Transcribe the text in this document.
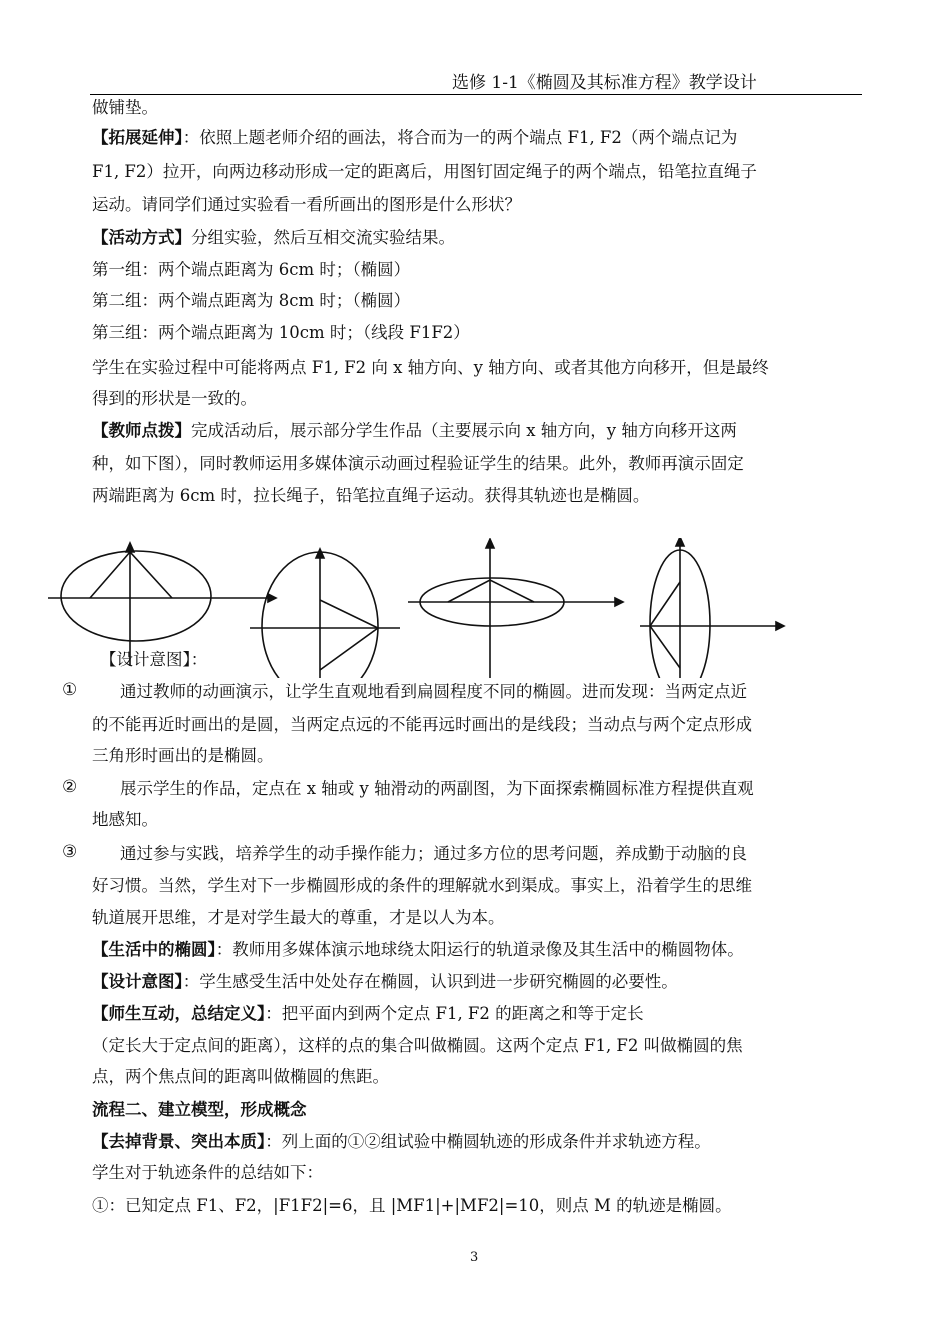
选修 1-1《椭圆及其标准方程》教学设计
做铺垫。
【拓展延伸】：依照上题老师介绍的画法，将合而为一的两个端点 F1, F2（两个端点记为
F1, F2）拉开，向两边移动形成一定的距离后，用图钉固定绳子的两个端点，铅笔拉直绳子
运动。请同学们通过实验看一看所画出的图形是什么形状？
【活动方式】分组实验，然后互相交流实验结果。
第一组：两个端点距离为 6cm 时；（椭圆）
第二组：两个端点距离为 8cm 时；（椭圆）
第三组：两个端点距离为 10cm 时；（线段 F1F2）
学生在实验过程中可能将两点 F1, F2 向 x 轴方向、y 轴方向、或者其他方向移开，但是最终
得到的形状是一致的。
【教师点拨】完成活动后，展示部分学生作品（主要展示向 x 轴方向，y 轴方向移开这两
种，如下图），同时教师运用多媒体演示动画过程验证学生的结果。此外，教师再演示固定
两端距离为 6cm 时，拉长绳子，铅笔拉直绳子运动。获得其轨迹也是椭圆。
【设计意图】：
①	通过教师的动画演示，让学生直观地看到扁圆程度不同的椭圆。进而发现：当两定点近
的不能再近时画出的是圆，当两定点远的不能再远时画出的是线段；当动点与两个定点形成
三角形时画出的是椭圆。
②	展示学生的作品，定点在 x 轴或 y 轴滑动的两副图，为下面探索椭圆标准方程提供直观
地感知。
③	通过参与实践，培养学生的动手操作能力；通过多方位的思考问题，养成勤于动脑的良
好习惯。当然，学生对下一步椭圆形成的条件的理解就水到渠成。事实上，沿着学生的思维
轨道展开思维，才是对学生最大的尊重，才是以人为本。
【生活中的椭圆】：教师用多媒体演示地球绕太阳运行的轨道录像及其生活中的椭圆物体。
【设计意图】：学生感受生活中处处存在椭圆，认识到进一步研究椭圆的必要性。
【师生互动，总结定义】：把平面内到两个定点 F1, F2 的距离之和等于定长
（定长大于定点间的距离），这样的点的集合叫做椭圆。这两个定点 F1, F2 叫做椭圆的焦
点，两个焦点间的距离叫做椭圆的焦距。
流程二、建立模型，形成概念
【去掉背景、突出本质】：列上面的①②组试验中椭圆轨迹的形成条件并求轨迹方程。
学生对于轨迹条件的总结如下：
①：已知定点 F1、F2，|F1F2|=6，且 |MF1|+|MF2|=10，则点 M 的轨迹是椭圆。
3
